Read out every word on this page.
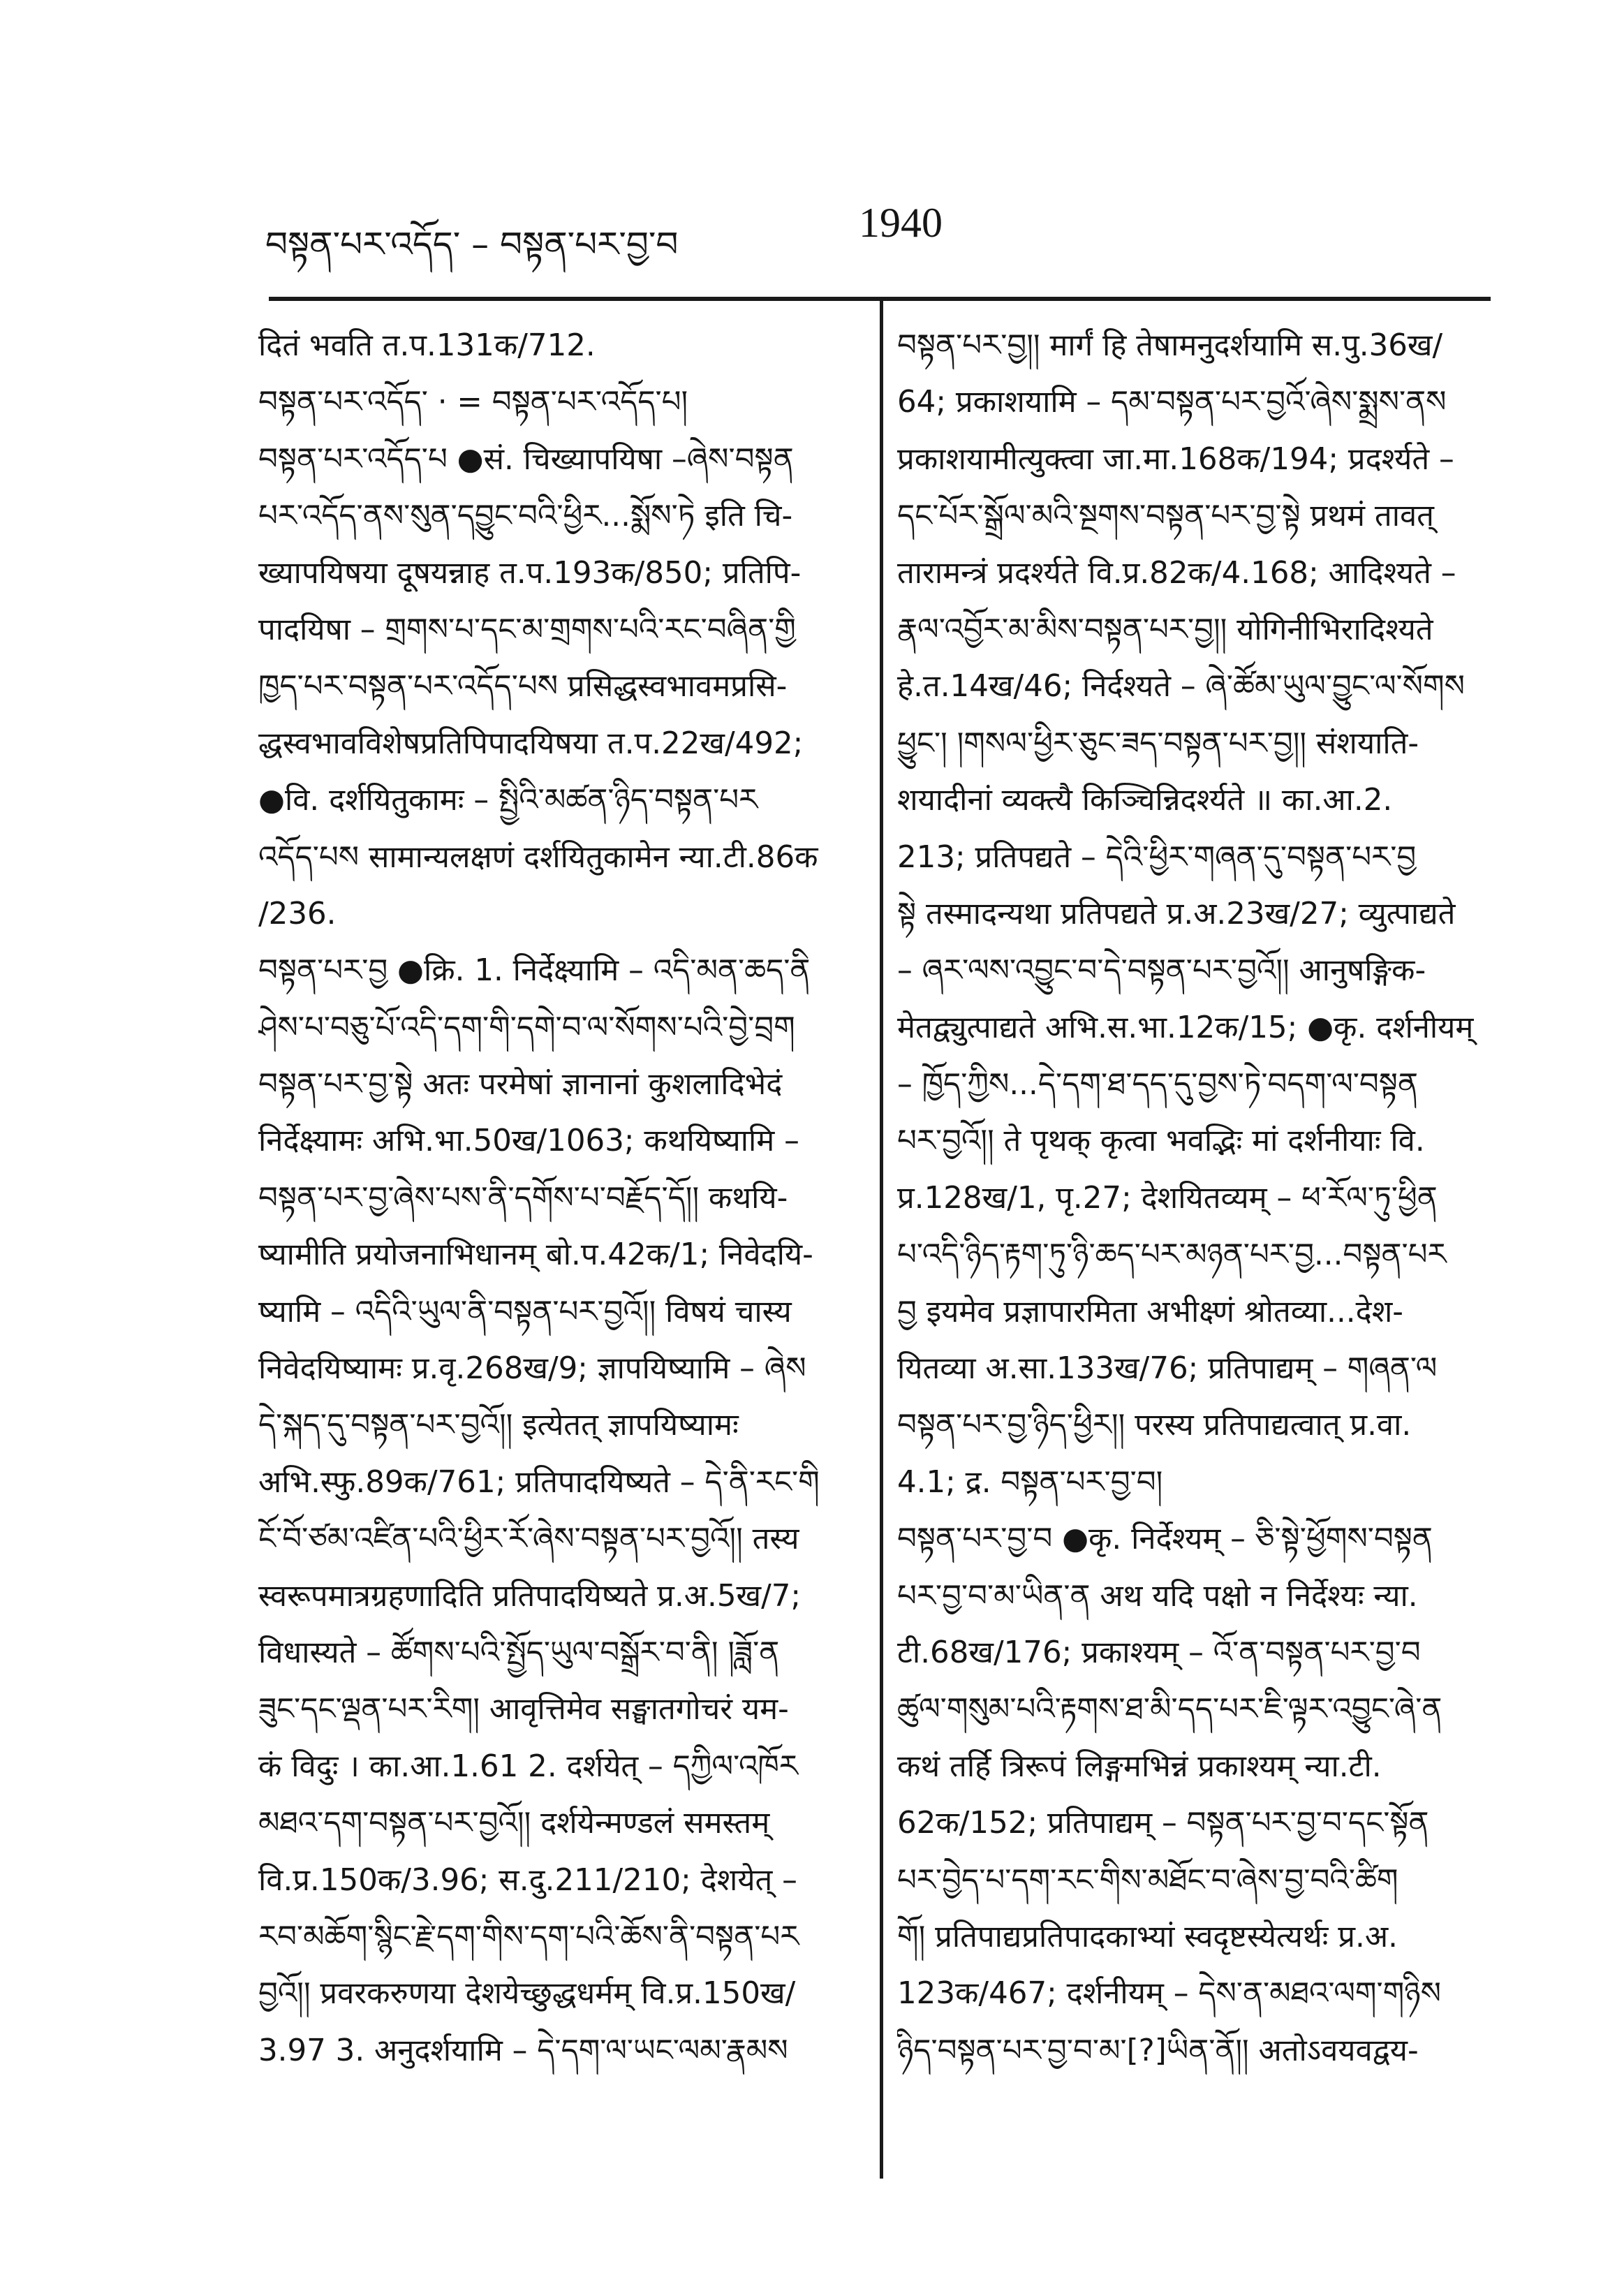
བསྟན་པར་འདོད་ – བསྟན་པར་བྱ་བ	1940
दितं भवति त.प.131क/712.
བསྟན་པར་འདོད་ · = བསྟན་པར་འདོད་པ།
བསྟན་པར་འདོད་པ ●सं. चिख्यापयिषा –ཞེས་བསྟན
པར་འདོད་ནས་སུན་དབྱུང་བའི་ཕྱིར...སྨོས་ཏེ इति चि-
ख्यापयिषया दूषयन्नाह त.प.193क/850; प्रतिपि-
पादयिषा – གྲགས་པ་དང་མ་གྲགས་པའི་རང་བཞིན་གྱི
ཁྱད་པར་བསྟན་པར་འདོད་པས प्रसिद्धस्वभावमप्रसि-
द्धस्वभावविशेषप्रतिपिपादयिषया त.प.22ख/492;
●वि. दर्शयितुकामः – སྤྱིའི་མཚན་ཉིད་བསྟན་པར
འདོད་པས सामान्यलक्षणं दर्शयितुकामेन न्या.टी.86क
/236.
བསྟན་པར་བྱ ●क्रि. 1. निर्देक्ष्यामि – འདི་མན་ཆད་ནི
ཤེས་པ་བཅུ་པོ་འདི་དག་གི་དགེ་བ་ལ་སོགས་པའི་བྱེ་བྲག
བསྟན་པར་བྱ་སྟེ अतः परमेषां ज्ञानानां कुशलादिभेदं
निर्देक्ष्यामः अभि.भा.50ख/1063; कथयिष्यामि –
བསྟན་པར་བྱ་ཞེས་པས་ནི་དགོས་པ་བརྗོད་དོ།། कथयि-
ष्यामीति प्रयोजनाभिधानम् बो.प.42क/1; निवेदयि-
ष्यामि – འདིའི་ཡུལ་ནི་བསྟན་པར་བྱའོ།། विषयं चास्य
निवेदयिष्यामः प्र.वृ.268ख/9; ज्ञापयिष्यामि – ཞེས
དེ་སྐད་དུ་བསྟན་པར་བྱའོ།། इत्येतत् ज्ञापयिष्यामः
अभि.स्फु.89क/761; प्रतिपादयिष्यते – དེ་ནི་རང་གི
ངོ་བོ་ཙམ་འཛིན་པའི་ཕྱིར་རོ་ཞེས་བསྟན་པར་བྱའོ།། तस्य
स्वरूपमात्रग्रहणादिति प्रतिपादयिष्यते प्र.अ.5ख/7;
विधास्यते – ཚོགས་པའི་སྤྱོད་ཡུལ་བསྒྲོར་བ་ནི། །ཟློ་ན
ཟུང་དང་ལྡན་པར་རིག། आवृत्तिमेव सङ्घातगोचरं यम-
कं विदुः । का.आ.1.61 2. दर्शयेत् – དཀྱིལ་འཁོར
མཐའ་དག་བསྟན་པར་བྱའོ།། दर्शयेन्मण्डलं समस्तम्
वि.प्र.150क/3.96; स.दु.211/210; देशयेत् –
རབ་མཆོག་སྙིང་རྗེ་དག་གིས་དག་པའི་ཆོས་ནི་བསྟན་པར
བྱའོ།། प्रवरकरुणया देशयेच्छुद्धधर्मम् वि.प्र.150ख/
3.97 3. अनुदर्शयामि – དེ་དག་ལ་ཡང་ལམ་རྣམས
བསྟན་པར་བྱ།། मार्गं हि तेषामनुदर्शयामि स.पु.36ख/
64; प्रकाशयामि – དམ་བསྟན་པར་བྱའོ་ཞེས་སྨྲས་ནས
प्रकाशयामीत्युक्त्वा जा.मा.168क/194; प्रदर्श्यते –
དང་པོར་སྒྲོལ་མའི་སྔགས་བསྟན་པར་བྱ་སྟེ प्रथमं तावत्
तारामन्त्रं प्रदर्श्यते वि.प्र.82क/4.168; आदिश्यते –
རྣལ་འབྱོར་མ་མིས་བསྟན་པར་བྱ།། योगिनीभिरादिश्यते
हे.त.14ख/46; निर्दश्यते – ཞེ་ཚོམ་ཡུལ་བྱུང་ལ་སོགས
ཕྱུང་། །གསལ་ཕྱིར་ཅུང་ཟད་བསྟན་པར་བྱ།། संशयाति-
शयादीनां व्यक्त्यै किञ्चिन्निदर्श्यते ॥ का.आ.2.
213; प्रतिपद्यते – དེའི་ཕྱིར་གཞན་དུ་བསྟན་པར་བྱ
སྟེ तस्मादन्यथा प्रतिपद्यते प्र.अ.23ख/27; व्युत्पाद्यते
– ཞར་ལས་འབྱུང་བ་དེ་བསྟན་པར་བྱའོ།། आनुषङ्गिक-
मेतद्व्युत्पाद्यते अभि.स.भा.12क/15; ●कृ. दर्शनीयम्
– ཁྱོད་ཀྱིས...དེ་དག་ཐ་དད་དུ་བྱས་ཏེ་བདག་ལ་བསྟན
པར་བྱའོ།། ते पृथक् कृत्वा भवद्भिः मां दर्शनीयाः वि.
प्र.128ख/1, पृ.27; देशयितव्यम् – ཕ་རོལ་ཏུ་ཕྱིན
པ་འདི་ཉིད་རྟག་ཏུ་ཉི་ཆད་པར་མཉན་པར་བྱ...བསྟན་པར
བྱ इयमेव प्रज्ञापारमिता अभीक्ष्णं श्रोतव्या...देश-
यितव्या अ.सा.133ख/76; प्रतिपाद्यम् – གཞན་ལ
བསྟན་པར་བྱ་ཉིད་ཕྱིར།། परस्य प्रतिपाद्यत्वात् प्र.वा.
4.1; द्र. བསྟན་པར་བྱ་བ།
བསྟན་པར་བྱ་བ ●कृ. निर्देश्यम् – ཅི་སྟེ་ཕྱོགས་བསྟན
པར་བྱ་བ་མ་ཡིན་ན अथ यदि पक्षो न निर्देश्यः न्या.
टी.68ख/176; प्रकाश्यम् – འོ་ན་བསྟན་པར་བྱ་བ
ཚུལ་གསུམ་པའི་རྟགས་ཐ་མི་དད་པར་ཇི་ལྟར་འབྱུང་ཞེ་ན
कथं तर्हि त्रिरूपं लिङ्गमभिन्नं प्रकाश्यम् न्या.टी.
62क/152; प्रतिपाद्यम् – བསྟན་པར་བྱ་བ་དང་སྟོན
པར་བྱེད་པ་དག་རང་གིས་མཐོང་བ་ཞེས་བྱ་བའི་ཚིག
གོ། प्रतिपाद्यप्रतिपादकाभ्यां स्वदृष्टस्येत्यर्थः प्र.अ.
123क/467; दर्शनीयम् – དེས་ན་མཐའ་ལག་གཉིས
ཉིད་བསྟན་པར་བྱ་བ་མ་[?]ཡིན་ནོ།། अतोऽवयवद्वय-
